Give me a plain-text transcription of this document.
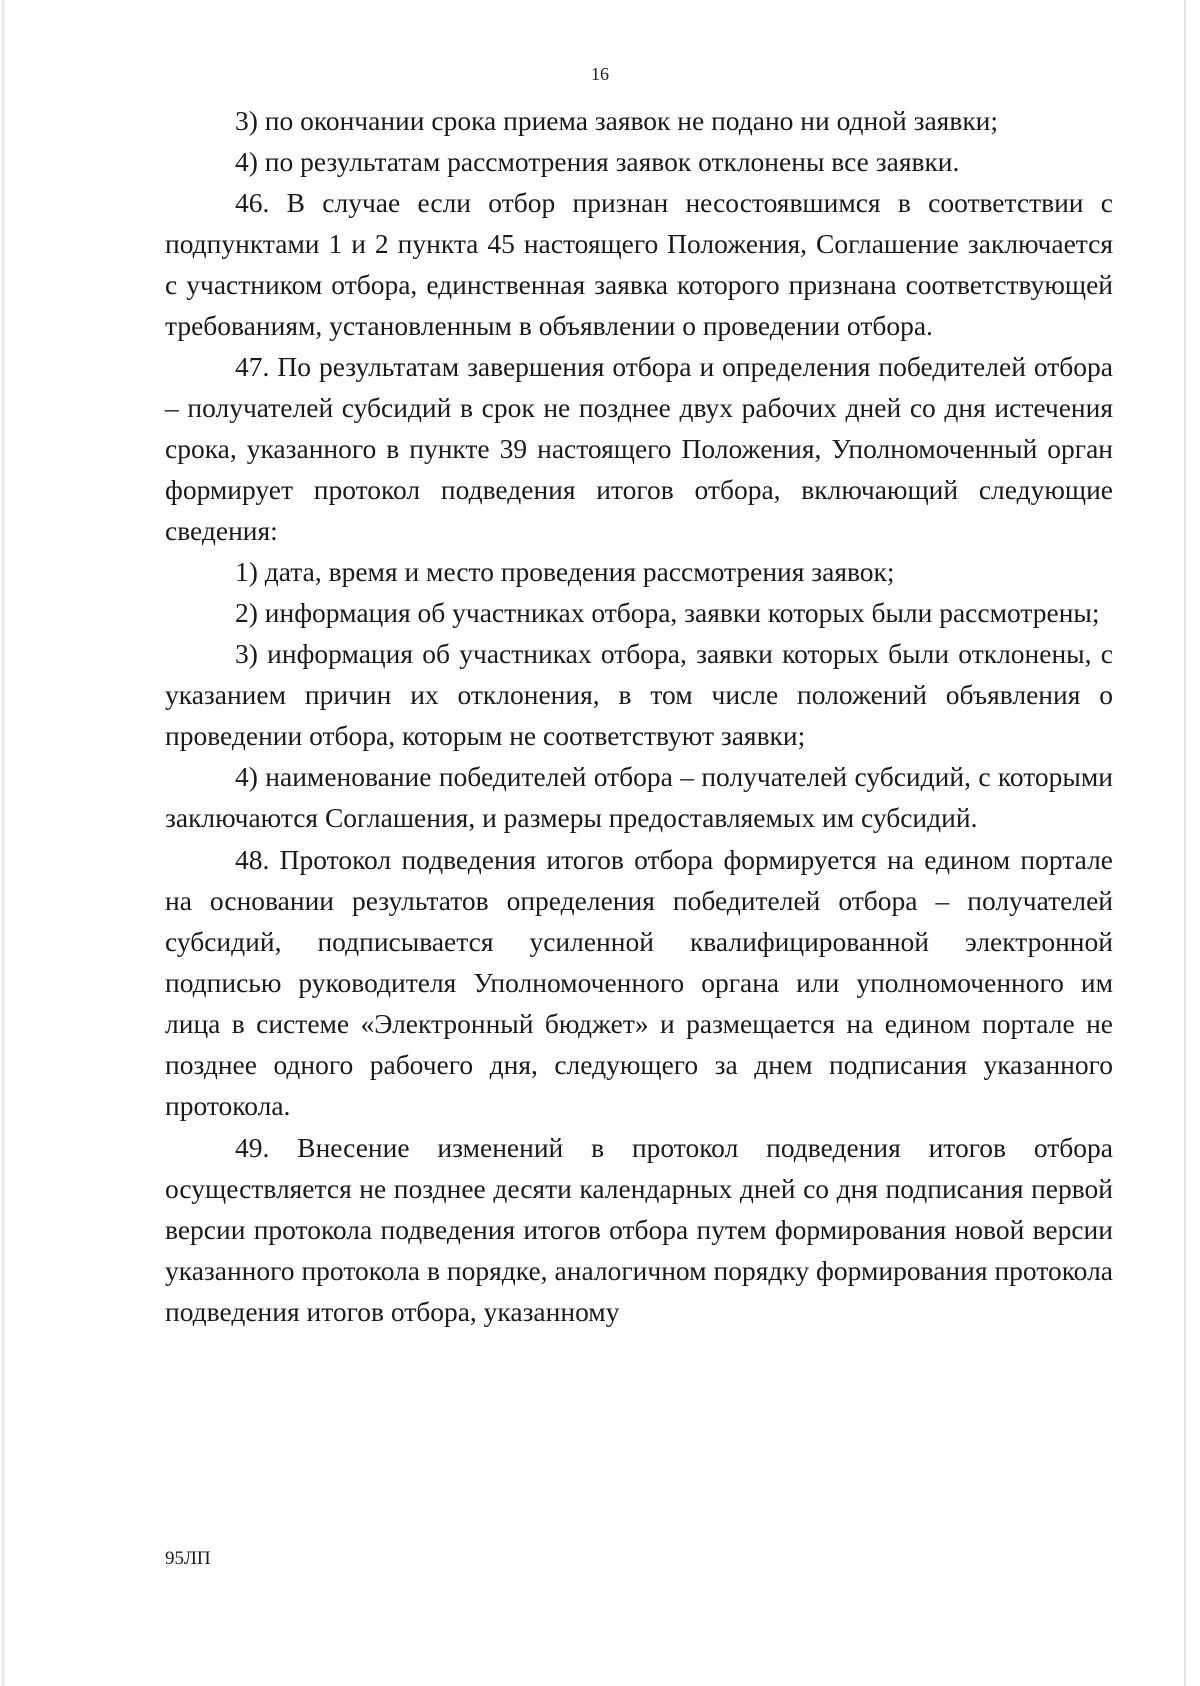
16

3) по окончании срока приема заявок не подано ни одной заявки;

4) по результатам рассмотрения заявок отклонены все заявки.

46. В случае если отбор признан несостоявшимся в соответствии с подпунктами 1 и 2 пункта 45 настоящего Положения, Соглашение заключается с участником отбора, единственная заявка которого признана соответствующей требованиям, установленным в объявлении о проведении отбора.

47. По результатам завершения отбора и определения победителей отбора – получателей субсидий в срок не позднее двух рабочих дней со дня истечения срока, указанного в пункте 39 настоящего Положения, Уполномоченный орган формирует протокол подведения итогов отбора, включающий следующие сведения:

1) дата, время и место проведения рассмотрения заявок;

2) информация об участниках отбора, заявки которых были рассмотрены;

3) информация об участниках отбора, заявки которых были отклонены, с указанием причин их отклонения, в том числе положений объявления о проведении отбора, которым не соответствуют заявки;

4) наименование победителей отбора – получателей субсидий, с которыми заключаются Соглашения, и размеры предоставляемых им субсидий.

48. Протокол подведения итогов отбора формируется на едином портале на основании результатов определения победителей отбора – получателей субсидий, подписывается усиленной квалифицированной электронной подписью руководителя Уполномоченного органа или уполномоченного им лица в системе «Электронный бюджет» и размещается на едином портале не позднее одного рабочего дня, следующего за днем подписания указанного протокола.

49. Внесение изменений в протокол подведения итогов отбора осуществляется не позднее десяти календарных дней со дня подписания первой версии протокола подведения итогов отбора путем формирования новой версии указанного протокола в порядке, аналогичном порядку формирования протокола подведения итогов отбора, указанному

95ЛП
